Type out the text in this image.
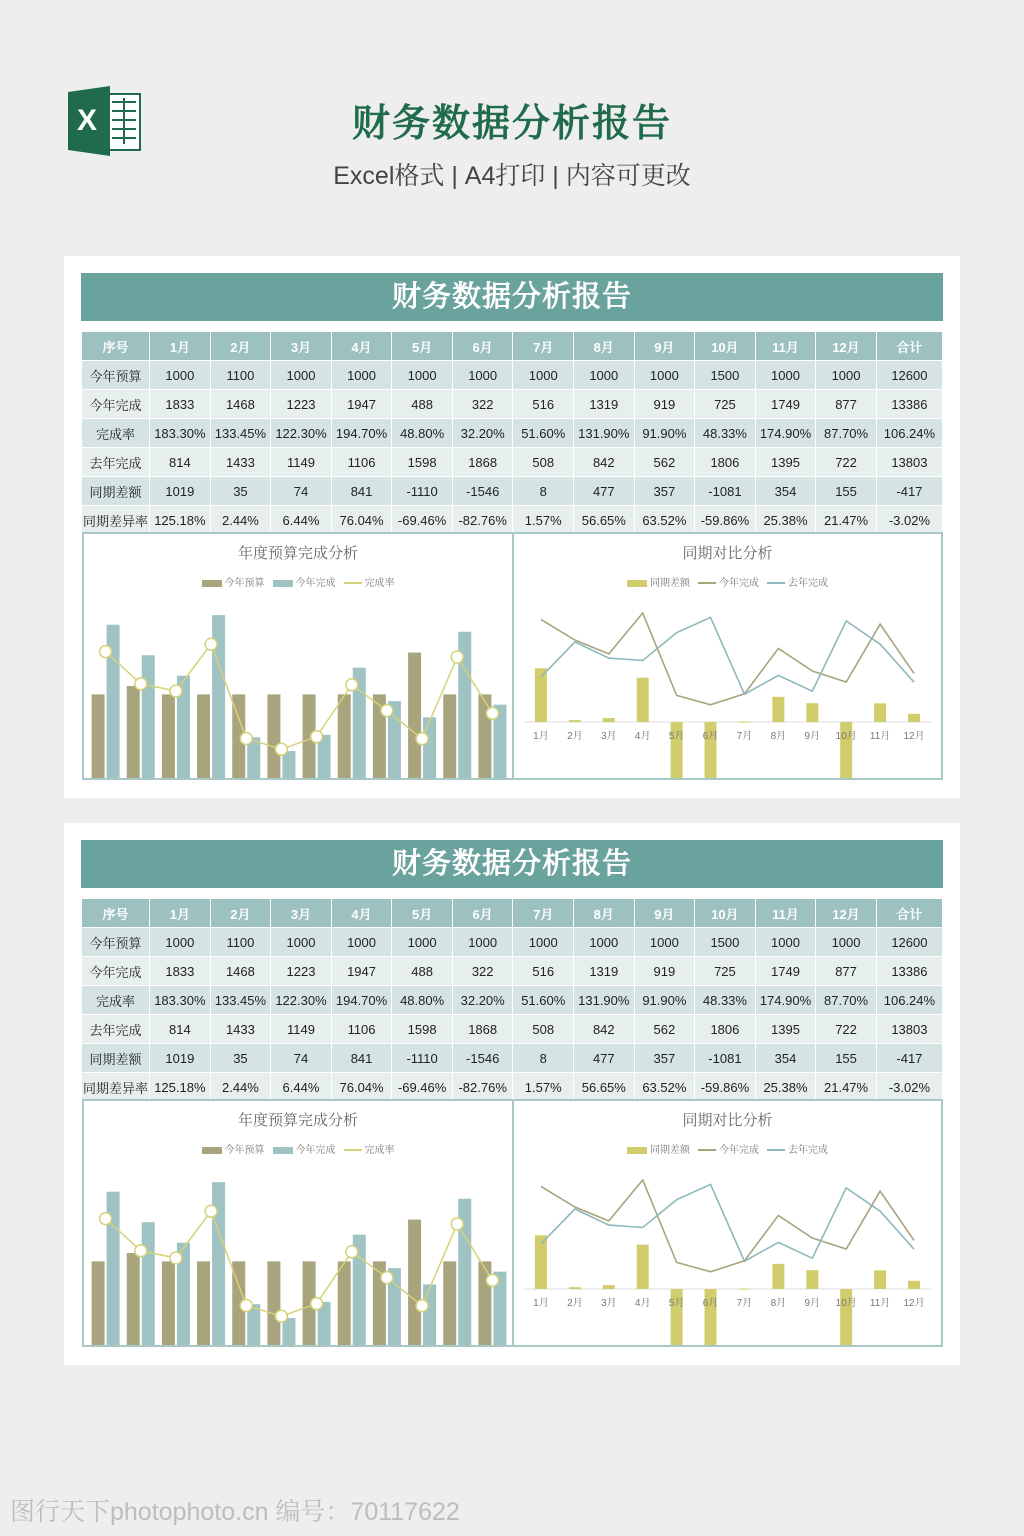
X	财务数据分析报告
Excel格式 | A4打印 | 内容可更改
财务数据分析报告
序号	1月	2月	3月	4月	5月	6月	7月	8月	9月	10月	11月	12月	合计
今年预算	1000	1100	1000	1000	1000	1000	1000	1000	1000	1500	1000	1000	12600
今年完成	1833	1468	1223	1947	488	322	516	1319	919	725	1749	877	13386
完成率	183.30%	133.45%	122.30%	194.70%	48.80%	32.20%	51.60%	131.90%	91.90%	48.33%	174.90%	87.70%	106.24%
去年完成	814	1433	1149	1106	1598	1868	508	842	562	1806	1395	722	13803
同期差额	1019	35	74	841	-1110	-1546	8	477	357	-1081	354	155	-417
同期差异率	125.18%	2.44%	6.44%	76.04%	-69.46%	-82.76%	1.57%	56.65%	63.52%	-59.86%	25.38%	21.47%	-3.02%
年度预算完成分析
今年预算	今年完成	完成率
同期对比分析
同期差额	今年完成	去年完成
1月 2月 3月 4月 5月 6月 7月 8月 9月 10月 11月 12月
财务数据分析报告
序号	1月	2月	3月	4月	5月	6月	7月	8月	9月	10月	11月	12月	合计
今年预算	1000	1100	1000	1000	1000	1000	1000	1000	1000	1500	1000	1000	12600
今年完成	1833	1468	1223	1947	488	322	516	1319	919	725	1749	877	13386
完成率	183.30%	133.45%	122.30%	194.70%	48.80%	32.20%	51.60%	131.90%	91.90%	48.33%	174.90%	87.70%	106.24%
去年完成	814	1433	1149	1106	1598	1868	508	842	562	1806	1395	722	13803
同期差额	1019	35	74	841	-1110	-1546	8	477	357	-1081	354	155	-417
同期差异率	125.18%	2.44%	6.44%	76.04%	-69.46%	-82.76%	1.57%	56.65%	63.52%	-59.86%	25.38%	21.47%	-3.02%
年度预算完成分析
今年预算	今年完成	完成率
同期对比分析
同期差额	今年完成	去年完成
1月 2月 3月 4月 5月 6月 7月 8月 9月 10月 11月 12月
图行天下photophoto.cn 编号：70117622
